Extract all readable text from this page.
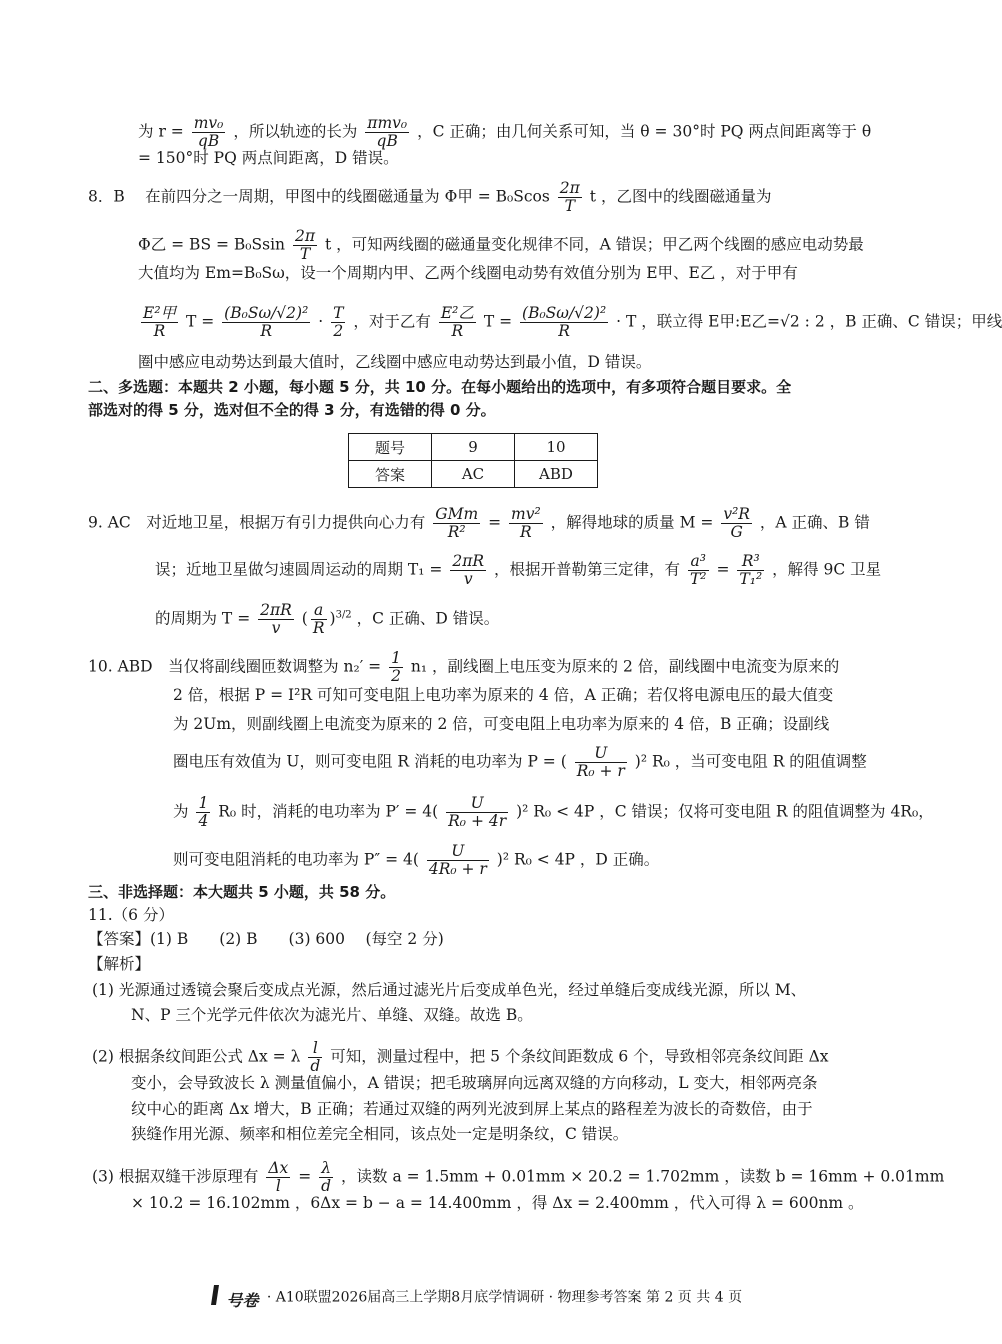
为 $r = \frac{\text{mv₀}}{qB}$ ，所以轨迹的长为 $\frac{\text{πmv₀}}{qB}$ ，C 正确；由几何关系可知，当 θ = 30°时 PQ 两点间距离等于 θ
= 150°时 PQ 两点间距离，D 错误。
8．B　 在前四分之一周期，甲图中的线圈磁通量为 Φ甲 = $B_0Scos \frac{2\pi}{T}$ t ，乙图中的线圈磁通量为
Φ乙 = BS = $B_0Ssin \frac{2\pi}{T}$ t ，可知两线圈的磁通量变化规律不同，A 错误；甲乙两个线圈的感应电动势最
大值均为 Em=B₀Sω，设一个周期内甲、乙两个线圈电动势有效值分别为 E甲、E乙 ，对于甲有
$\frac{\text{E²甲}}{R}$ $T = \frac{\text{(B₀Sω/√2)²}}{R} \cdot \frac{T}{2}$ ，对于乙有 $\frac{\text{E²乙}}{R}$ $T = \frac{\text{(B₀Sω/√2)²}}{R} \cdot T$ ，联立得 E甲:E乙=√2 : 2 ，B 正确、C 错误；甲线
圈中感应电动势达到最大值时，乙线圈中感应电动势达到最小值，D 错误。
二、多选题：本题共 2 小题，每小题 5 分，共 10 分。在每小题给出的选项中，有多项符合题目要求。全
部选对的得 5 分，选对但不全的得 3 分，有选错的得 0 分。
题号	9	10
答案	AC	ABD
9. AC　对近地卫星，根据万有引力提供向心力有 $\frac{\text{GMm}}{\text{R²}} = \frac{\text{mv²}}{R}$ ，解得地球的质量 $M = \frac{\text{v²R}}{G}$ ，A 正确、B 错
误；近地卫星做匀速圆周运动的周期 $T_1 = \frac{2\pi R}{v}$ ，根据开普勒第三定律，有 $\frac{\text{a³}}{\text{T²}} = \frac{\text{R³}}{\text{T₁²}}$ ，解得 9C 卫星
的周期为 $T = \frac{2\pi R}{v}$ ( $\frac{a}{R} )^{3/2}$ ，C 正确、D 错误。
10. ABD　当仅将副线圈匝数调整为 $n_2' = \frac{1}{2} n_1$ ，副线圈上电压变为原来的 2 倍，副线圈中电流变为原来的
2 倍，根据 P = I²R 可知可变电阻上电功率为原来的 4 倍，A 正确；若仅将电源电压的最大值变
为 2Um，则副线圈上电流变为原来的 2 倍，可变电阻上电功率为原来的 4 倍，B 正确；设副线
圈电压有效值为 U，则可变电阻 R 消耗的电功率为 P = ( $\frac{U}{\text{R₀ + r}} )^2$ R₀ ，当可变电阻 R 的阻值调整
为 $\frac{1}{4} R_0$ 时，消耗的电功率为 $P' = 4( \frac{U}{\text{R₀ + 4r}} )^2$ R₀ < 4P ，C 错误；仅将可变电阻 R 的阻值调整为 4R₀，
则可变电阻消耗的电功率为 $P'' = 4( \frac{U}{\text{4R₀ + r}} )^2$ R₀ < 4P ，D 正确。
三、非选择题：本大题共 5 小题，共 58 分。
11.（6 分）
【答案】(1) B　　(2) B　　(3) 600　 (每空 2 分)
【解析】
(1) 光源通过透镜会聚后变成点光源，然后通过滤光片后变成单色光，经过单缝后变成线光源，所以 M、
N、P 三个光学元件依次为滤光片、单缝、双缝。故选 B。
(2) 根据条纹间距公式 Δx = λ $\frac{l}{d}$ 可知，测量过程中，把 5 个条纹间距数成 6 个，导致相邻亮条纹间距 Δx
变小，会导致波长 λ 测量值偏小，A 错误；把毛玻璃屏向远离双缝的方向移动，L 变大，相邻两亮条
纹中心的距离 Δx 增大，B 正确；若通过双缝的两列光波到屏上某点的路程差为波长的奇数倍，由于
狭缝作用光源、频率和相位差完全相同，该点处一定是明条纹，C 错误。
(3) 根据双缝干涉原理有 $\frac{\Delta x}{l} = \frac{\lambda}{d}$ ，读数 a = 1.5mm + 0.01mm × 20.2 = 1.702mm ，读数 b = 16mm + 0.01mm
× 10.2 = 16.102mm ，6Δx = b − a = 14.400mm ，得 Δx = 2.400mm ，代入可得 λ = 600nm 。
号卷 · A10联盟2026届高三上学期8月底学情调研 · 物理参考答案 第 2 页 共 4 页
